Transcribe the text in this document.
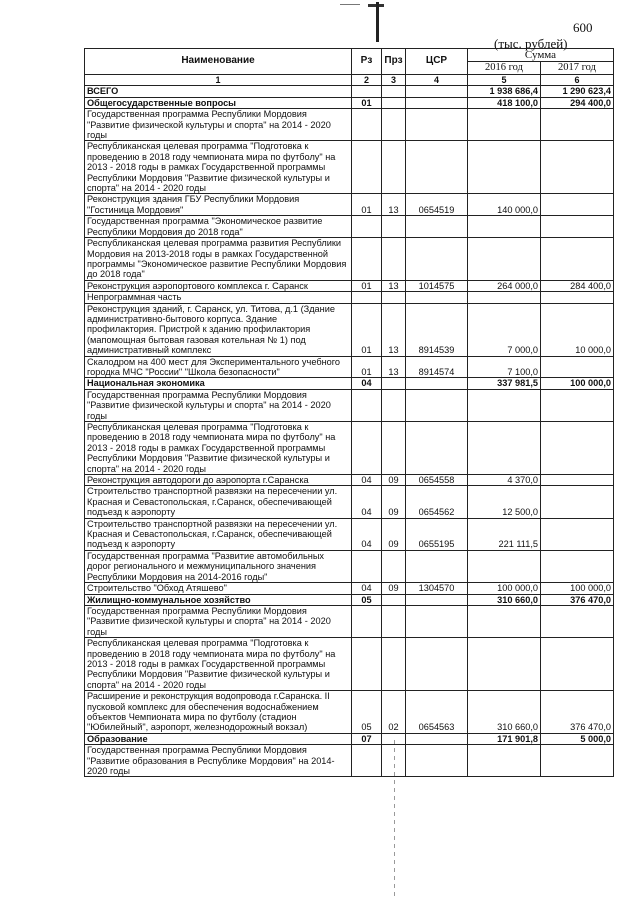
600
(тыс. рублей)
Наименование	Рз	Прз	ЦСР	Сумма	
				2016 год	2017 год
1	2	3	4	5	6
ВСЕГО				1 938 686,4	1 290 623,4
Общегосударственные вопросы	01			418 100,0	294 400,0
Государственная программа Республики Мордовия "Развитие физической культуры и спорта" на 2014 - 2020 годы					
Республиканская целевая программа "Подготовка к проведению в 2018 году чемпионата мира по футболу" на 2013 - 2018 годы в рамках Государственной программы Республики Мордовия "Развитие физической культуры и спорта" на 2014 - 2020 годы					
Реконструкция здания ГБУ Республики Мордовия "Гостиница Мордовия"	01	13	0654519	140 000,0	
Государственная программа "Экономическое развитие Республики Мордовия до 2018 года"					
Республиканская целевая программа развития Республики Мордовия на 2013-2018 годы в рамках Государственной программы "Экономическое развитие Республики Мордовия до 2018 года"					
Реконструкция аэропортового комплекса г. Саранск	01	13	1014575	264 000,0	284 400,0
Непрограммная часть					
Реконструкция зданий, г. Саранск, ул. Титова, д.1 (Здание административно-бытового корпуса. Здание профилактория. Пристрой к зданию профилактория (мапомощная бытовая газовая котельная № 1) под административный комплекс	01	13	8914539	7 000,0	10 000,0
Скалодром на 400 мест для Экспериментального учебного городка МЧС "России" "Школа безопасности"	01	13	8914574	7 100,0	
Национальная экономика	04			337 981,5	100 000,0
Государственная программа Республики Мордовия "Развитие физической культуры и спорта" на 2014 - 2020 годы					
Республиканская целевая программа "Подготовка к проведению в 2018 году чемпионата мира по футболу" на 2013 - 2018 годы в рамках Государственной программы Республики Мордовия "Развитие физической культуры и спорта" на 2014 - 2020 годы					
Реконструкция автодороги до аэропорта г.Саранска	04	09	0654558	4 370,0	
Строительство транспортной развязки на пересечении ул. Красная и Севастопольская, г.Саранск, обеспечивающей подъезд к аэропорту	04	09	0654562	12 500,0	
Строительство транспортной развязки на пересечении ул. Красная и Севастопольская, г.Саранск, обеспечивающей подъезд к аэропорту	04	09	0655195	221 111,5	
Государственная программа "Развитие автомобильных дорог регионального и межмуниципального значения Республики Мордовия на 2014-2016 годы"					
Строительство "Обход Атяшево"	04	09	1304570	100 000,0	100 000,0
Жилищно-коммунальное хозяйство	05			310 660,0	376 470,0
Государственная программа Республики Мордовия "Развитие физической культуры и спорта" на 2014 - 2020 годы					
Республиканская целевая программа "Подготовка к проведению в 2018 году чемпионата мира по футболу" на 2013 - 2018 годы в рамках Государственной программы Республики Мордовия "Развитие физической культуры и спорта" на 2014 - 2020 годы					
Расширение и реконструкция водопровода г.Саранска. II пусковой комплекс для обеспечения водоснабжением объектов Чемпионата мира по футболу (стадион "Юбилейный", аэропорт, железнодорожный вокзал)	05	02	0654563	310 660,0	376 470,0
Образование	07			171 901,8	5 000,0
Государственная программа Республики Мордовия "Развитие образования в Республике Мордовия" на 2014-2020 годы					
